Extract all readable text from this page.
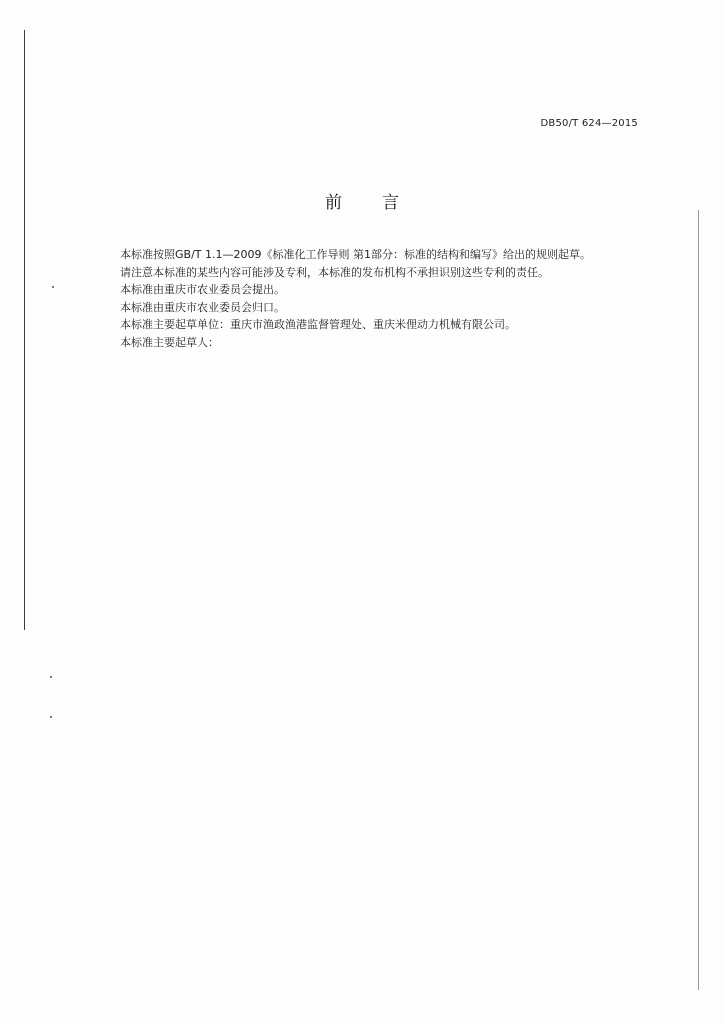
DB50/T 624—2015
前 言

本标准按照GB/T 1.1—2009《标准化工作导则 第1部分：标准的结构和编写》给出的规则起草。

请注意本标准的某些内容可能涉及专利，本标准的发布机构不承担识别这些专利的责任。

本标准由重庆市农业委员会提出。

本标准由重庆市农业委员会归口。

本标准主要起草单位：重庆市渔政渔港监督管理处、重庆米俚动力机械有限公司。

本标准主要起草人：
